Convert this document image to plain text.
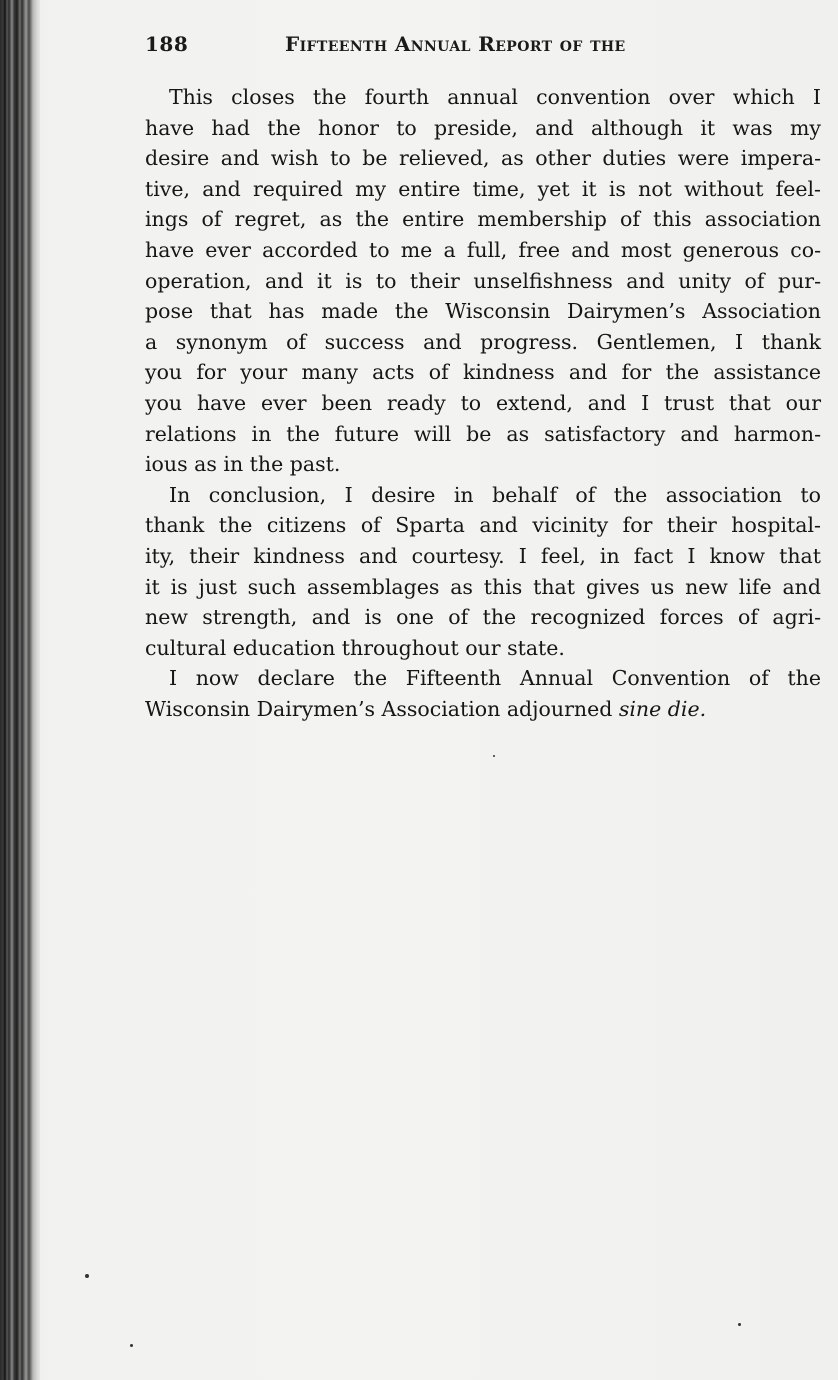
188	Fifteenth Annual Report of the
This closes the fourth annual convention over which I
have had the honor to preside, and although it was my
desire and wish to be relieved, as other duties were impera-
tive, and required my entire time, yet it is not without feel-
ings of regret, as the entire membership of this association
have ever accorded to me a full, free and most generous co-
operation, and it is to their unselfishness and unity of pur-
pose that has made the Wisconsin Dairymen’s Association
a synonym of success and progress. Gentlemen, I thank
you for your many acts of kindness and for the assistance
you have ever been ready to extend, and I trust that our
relations in the future will be as satisfactory and harmon-
ious as in the past.
In conclusion, I desire in behalf of the association to
thank the citizens of Sparta and vicinity for their hospital-
ity, their kindness and courtesy. I feel, in fact I know that
it is just such assemblages as this that gives us new life and
new strength, and is one of the recognized forces of agri-
cultural education throughout our state.
I now declare the Fifteenth Annual Convention of the
Wisconsin Dairymen’s Association adjourned sine die.
